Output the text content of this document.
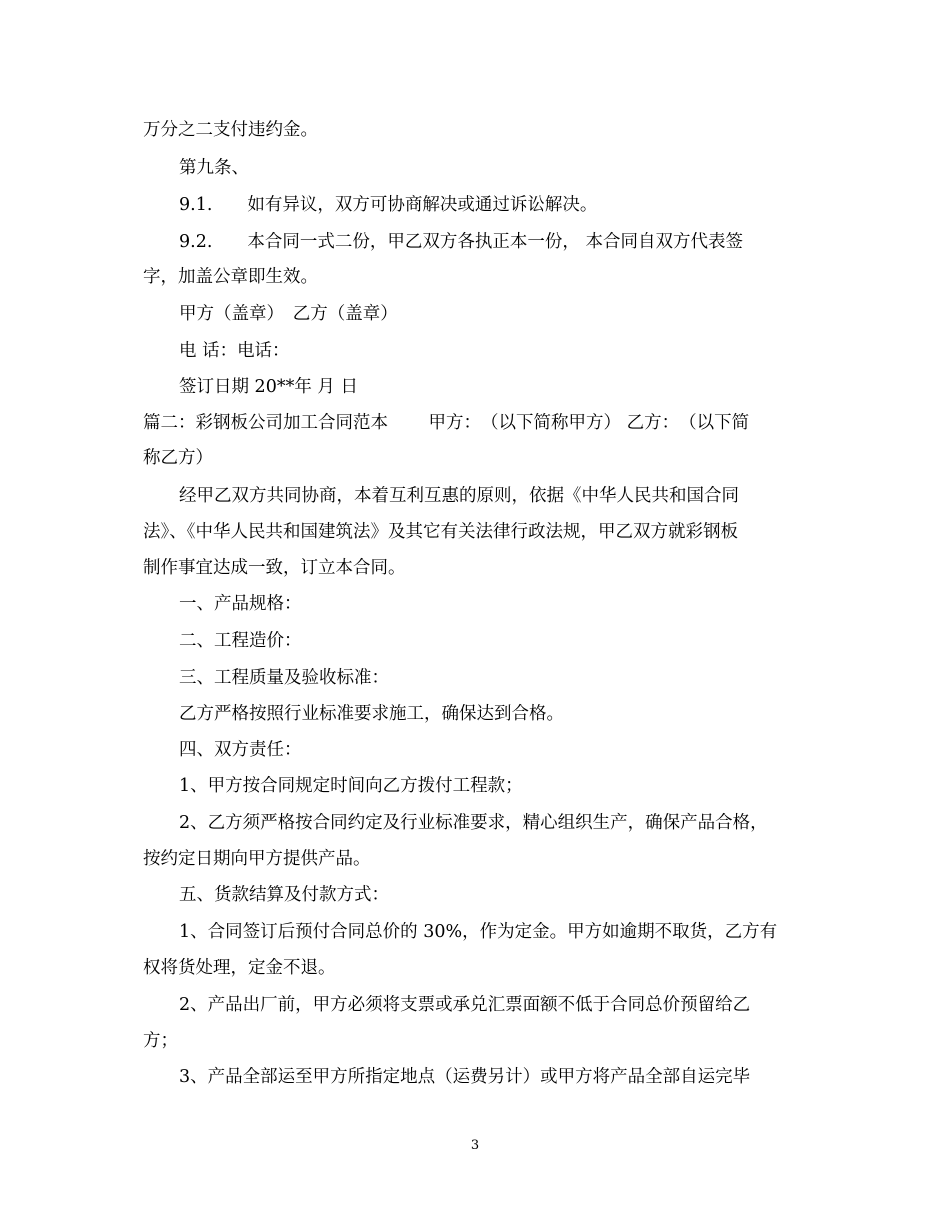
万分之二支付违约金。
第九条、
9.1.　　如有异议，双方可协商解决或通过诉讼解决。
9.2.　　本合同一式二份，甲乙双方各执正本一份， 本合同自双方代表签
字，加盖公章即生效。
甲方（盖章）　乙方（盖章）
电 话：电话：
签订日期 20**年 月 日
篇二：彩钢板公司加工合同范本　　 甲方：　（以下简称甲方） 乙方：　（以下简
称乙方）
经甲乙双方共同协商，本着互利互惠的原则，依据《中华人民共和国合同
法》、《中华人民共和国建筑法》及其它有关法律行政法规，甲乙双方就彩钢板
制作事宜达成一致，订立本合同。
一、产品规格：
二、工程造价：
三、工程质量及验收标准：
乙方严格按照行业标准要求施工，确保达到合格。
四、双方责任：
1、甲方按合同规定时间向乙方拨付工程款；
2、乙方须严格按合同约定及行业标准要求，精心组织生产，确保产品合格，
按约定日期向甲方提供产品。
五、货款结算及付款方式：
1、合同签订后预付合同总价的 30%，作为定金。甲方如逾期不取货，乙方有
权将货处理，定金不退。
2、产品出厂前，甲方必须将支票或承兑汇票面额不低于合同总价预留给乙
方；
3、产品全部运至甲方所指定地点（运费另计）或甲方将产品全部自运完毕
3
